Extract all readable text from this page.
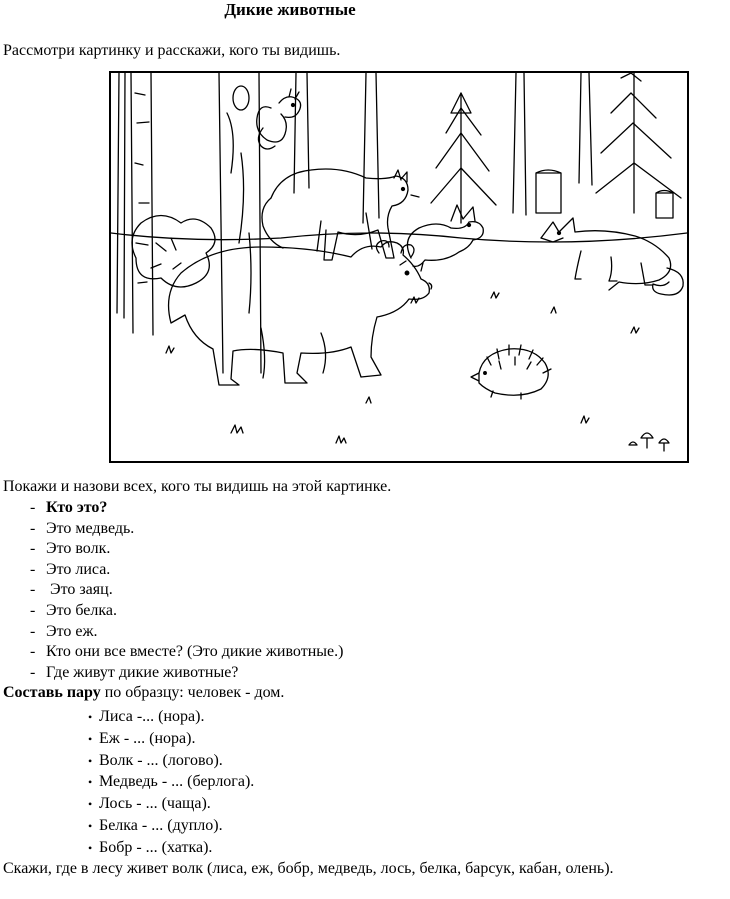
Дикие животные
Рассмотри картинку и расскажи, кого ты видишь.
Покажи и назови всех, кого ты видишь на этой картинке.
- Кто это?
- Это медведь.
- Это волк.
- Это лиса.
- Это заяц.
- Это белка.
- Это еж.
- Кто они все вместе? (Это дикие животные.)
- Где живут дикие животные?
Составь пару по образцу: человек - дом.
• Лиса -... (нора).
• Еж - ... (нора).
• Волк - ... (логово).
• Медведь - ... (берлога).
• Лось - ... (чаща).
• Белка - ... (дупло).
• Бобр - ... (хатка).
Скажи, где в лесу живет волк (лиса, еж, бобр, медведь, лось, белка, барсук, кабан, олень).
